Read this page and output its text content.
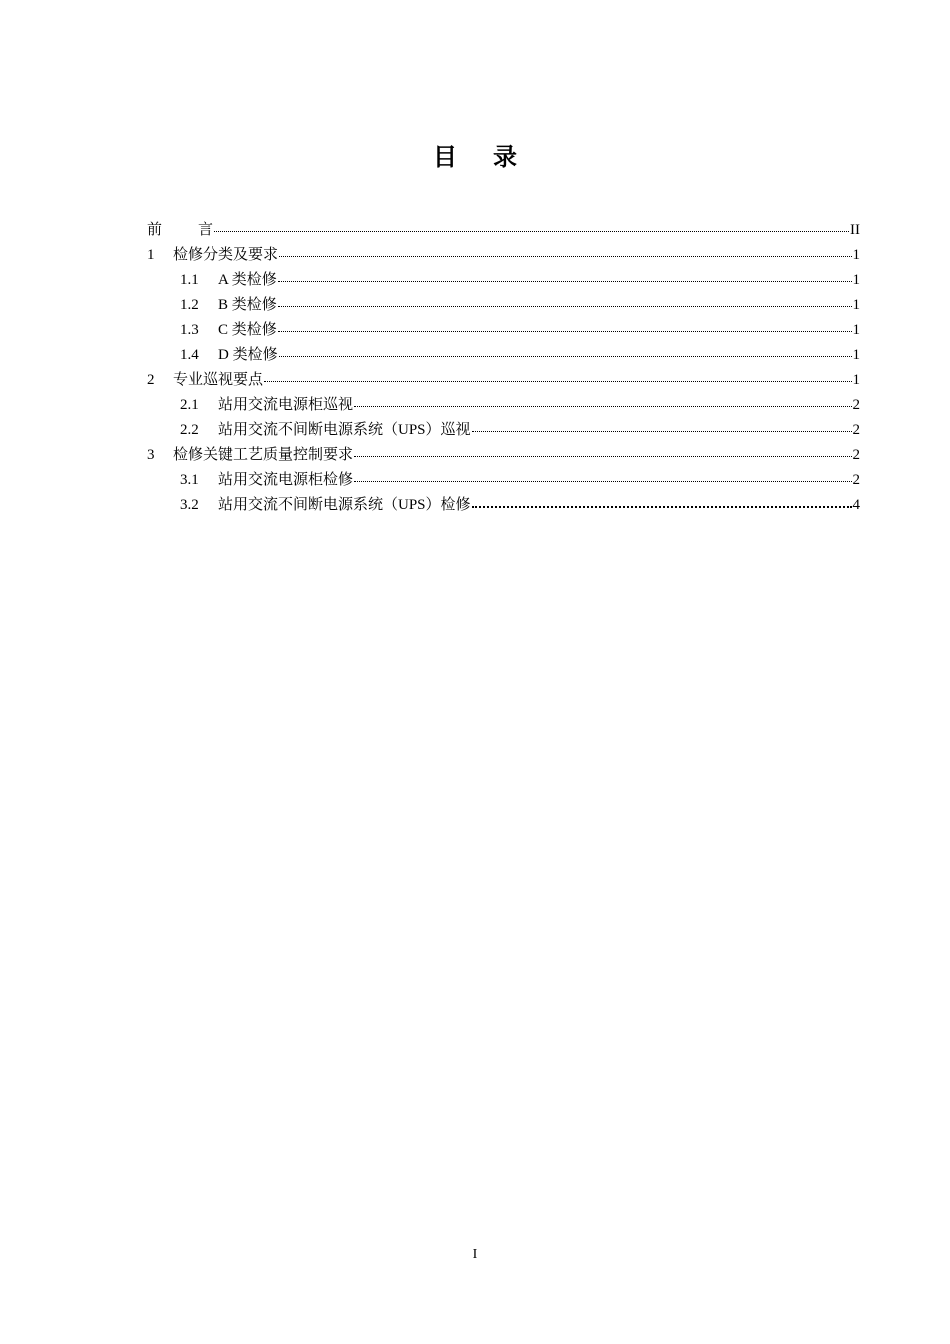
目 录
前 言	II
1	检修分类及要求	1
1.1	A 类检修	1
1.2	B 类检修	1
1.3	C 类检修	1
1.4	D 类检修	1
2	专业巡视要点	1
2.1	站用交流电源柜巡视	2
2.2	站用交流不间断电源系统（UPS）巡视	2
3	检修关键工艺质量控制要求	2
3.1	站用交流电源柜检修	2
3.2	站用交流不间断电源系统（UPS）检修	4
I
